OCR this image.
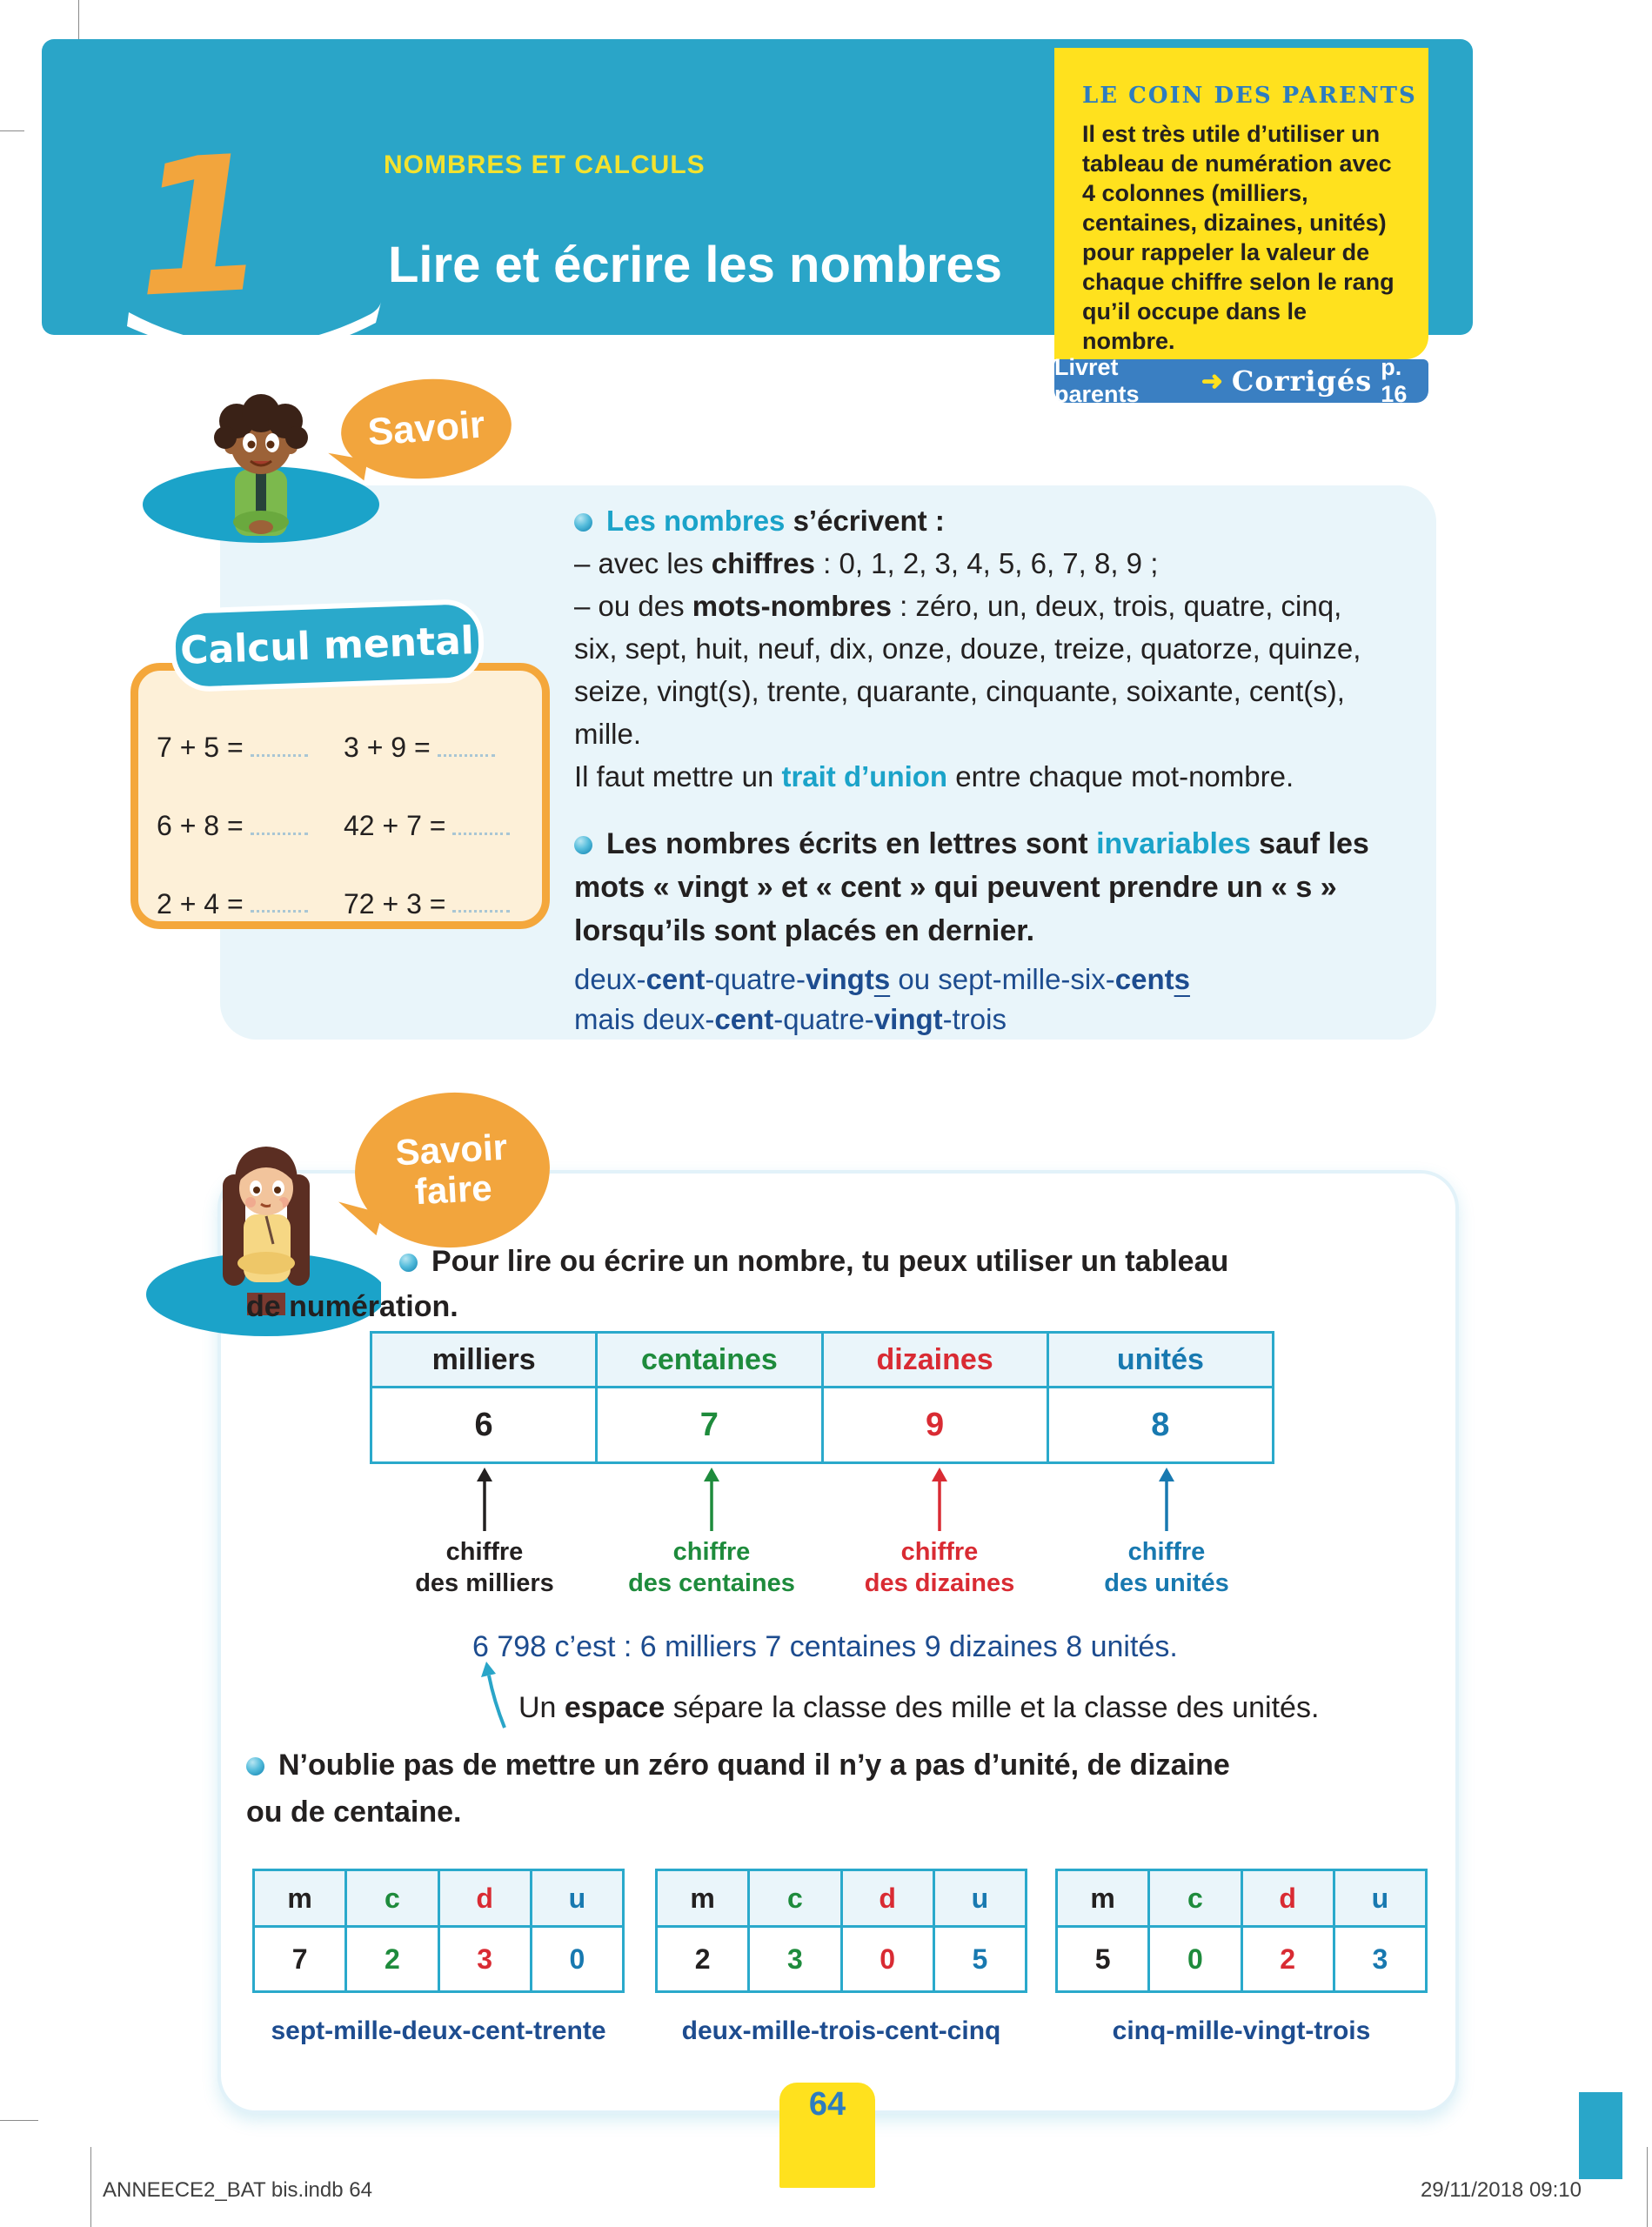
1	NOMBRES ET CALCULS
Lire et écrire les nombres
LE COIN DES PARENTS

Il est très utile d’utiliser un tableau de numération avec 4 colonnes (milliers, centaines, dizaines, unités) pour rappeler la valeur de chaque chiffre selon le rang qu’il occupe dans le nombre.

Livret parents	➜ Corrigés p. 16
Savoir

Les nombres s’écrivent :
– avec les chiffres : 0, 1, 2, 3, 4, 5, 6, 7, 8, 9 ;
– ou des mots-nombres : zéro, un, deux, trois, quatre, cinq,
six, sept, huit, neuf, dix, onze, douze, treize, quatorze, quinze,
seize, vingt(s), trente, quarante, cinquante, soixante, cent(s),
mille.
Il faut mettre un trait d’union entre chaque mot-nombre.

Les nombres écrits en lettres sont invariables sauf les
mots « vingt » et « cent » qui peuvent prendre un « s »
lorsqu’ils sont placés en dernier.

deux-cent-quatre-vingts ou sept-mille-six-cents
mais deux-cent-quatre-vingt-trois

Calcul mental
7 + 5 =	3 + 9 =
6 + 8 =	42 + 7 =
2 + 4 =	72 + 3 =
Savoir
faire

Pour lire ou écrire un nombre, tu peux utiliser un tableau
de numération.

milliers	centaines	dizaines	unités
6	7	9	8
chiffre
des milliers
chiffre
des centaines
chiffre
des dizaines
chiffre
des unités

6 798 c’est : 6 milliers 7 centaines 9 dizaines 8 unités.

Un espace sépare la classe des mille et la classe des unités.

N’oublie pas de mettre un zéro quand il n’y a pas d’unité, de dizaine
ou de centaine.

m	c	d	u
7	2	3	0
sept-mille-deux-cent-trente
m	c	d	u
2	3	0	5
deux-mille-trois-cent-cinq
m	c	d	u
5	0	2	3
cinq-mille-vingt-trois
64
ANNEECE2_BAT bis.indb 64	29/11/2018 09:10
